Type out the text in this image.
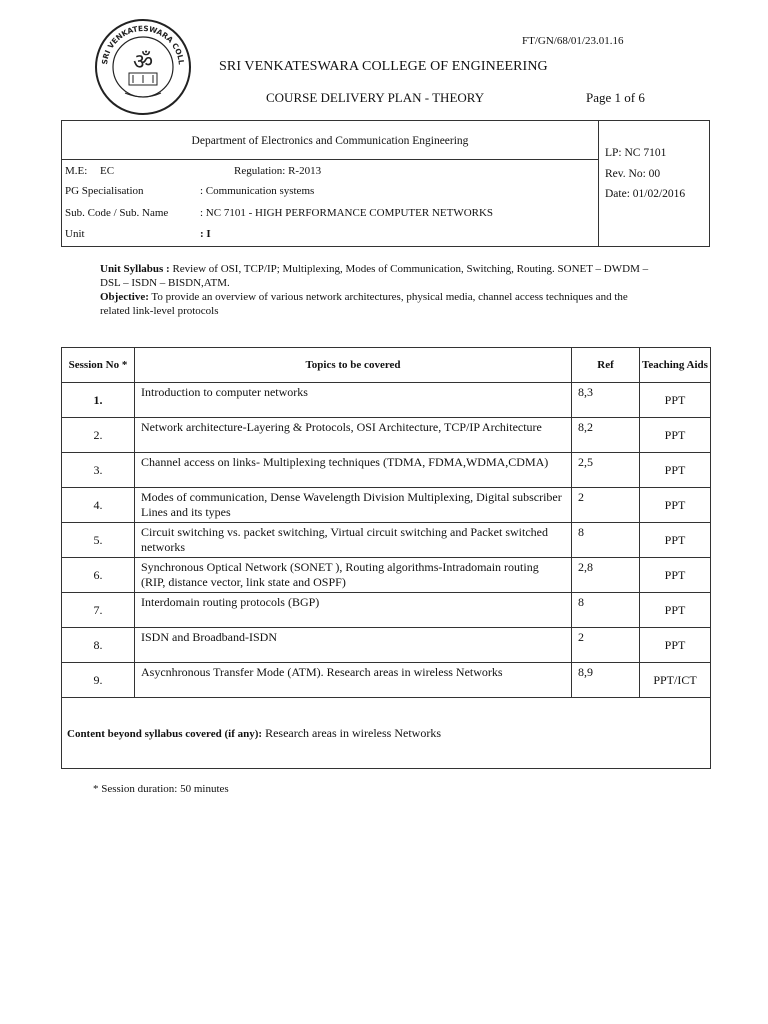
FT/GN/68/01/23.01.16
SRI VENKATESWARA COLL
ॐ	SRI VENKATESWARA COLLEGE OF ENGINEERING
COURSE DELIVERY PLAN - THEORY	Page 1 of 6
Department of Electronics and Communication Engineering
M.E: EC	Regulation: R-2013
PG Specialisation	: Communication systems
Sub. Code / Sub. Name	: NC 7101 - HIGH PERFORMANCE COMPUTER NETWORKS
Unit	: I
LP: NC 7101
Rev. No: 00
Date: 01/02/2016
Unit Syllabus : Review of OSI, TCP/IP; Multiplexing, Modes of Communication, Switching, Routing. SONET – DWDM – DSL – ISDN – BISDN,ATM.
Objective: To provide an overview of various network architectures, physical media, channel access techniques and the related link-level protocols
Session No *	Topics to be covered	Ref	Teaching Aids
1.	Introduction to computer networks	8,3	PPT
2.	Network architecture-Layering & Protocols, OSI Architecture, TCP/IP Architecture	8,2	PPT
3.	Channel access on links- Multiplexing techniques (TDMA, FDMA,WDMA,CDMA)	2,5	PPT
4.	Modes of communication, Dense Wavelength Division Multiplexing, Digital subscriber Lines and its types	2	PPT
5.	Circuit switching vs. packet switching, Virtual circuit switching and Packet switched networks	8	PPT
6.	Synchronous Optical Network (SONET ), Routing algorithms-Intradomain routing (RIP, distance vector, link state and OSPF)	2,8	PPT
7.	Interdomain routing protocols (BGP)	8	PPT
8.	ISDN and Broadband-ISDN	2	PPT
9.	Asycnhronous Transfer Mode (ATM). Research areas in wireless Networks	8,9	PPT/ICT
Content beyond syllabus covered (if any): Research areas in wireless Networks			
* Session duration: 50 minutes
